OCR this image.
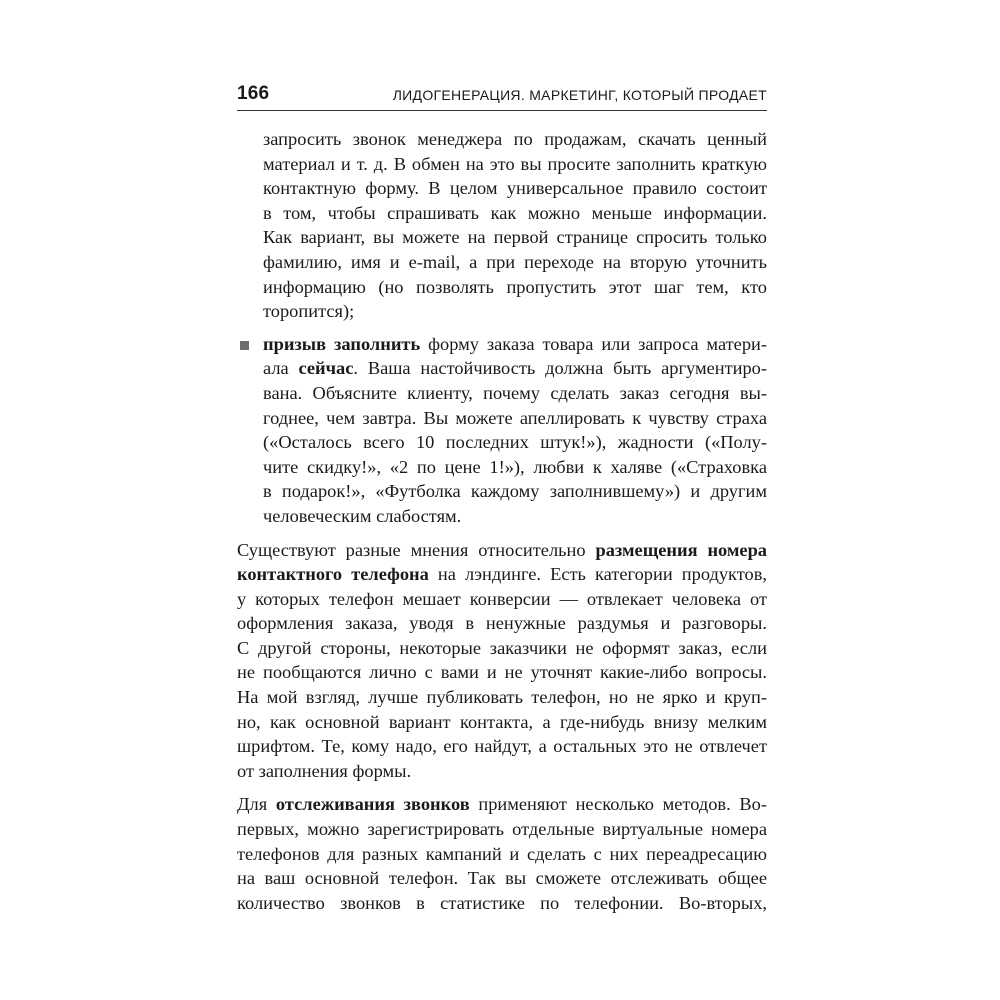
166	ЛИДОГЕНЕРАЦИЯ. МАРКЕТИНГ, КОТОРЫЙ ПРОДАЕТ
запросить звонок менеджера по продажам, скачать ценный
материал и т. д. В обмен на это вы просите заполнить краткую
контактную форму. В целом универсальное правило состоит
в том, чтобы спрашивать как можно меньше информации.
Как вариант, вы можете на первой странице спросить только
фамилию, имя и e-mail, а при переходе на вторую уточнить
информацию (но позволять пропустить этот шаг тем, кто
торопится);
призыв заполнить форму заказа товара или запроса матери-
ала сейчас. Ваша настойчивость должна быть аргументиро-
вана. Объясните клиенту, почему сделать заказ сегодня вы-
годнее, чем завтра. Вы можете апеллировать к чувству страха
(«Осталось всего 10 последних штук!»), жадности («Полу-
чите скидку!», «2 по цене 1!»), любви к халяве («Страховка
в подарок!», «Футболка каждому заполнившему») и другим
человеческим слабостям.
Существуют разные мнения относительно размещения номера
контактного телефона на лэндинге. Есть категории продуктов,
у которых телефон мешает конверсии — отвлекает человека от
оформления заказа, уводя в ненужные раздумья и разговоры.
С другой стороны, некоторые заказчики не оформят заказ, если
не пообщаются лично с вами и не уточнят какие-либо вопросы.
На мой взгляд, лучше публиковать телефон, но не ярко и круп-
но, как основной вариант контакта, а где-нибудь внизу мелким
шрифтом. Те, кому надо, его найдут, а остальных это не отвлечет
от заполнения формы.
Для отслеживания звонков применяют несколько методов. Во-
первых, можно зарегистрировать отдельные виртуальные номера
телефонов для разных кампаний и сделать с них переадресацию
на ваш основной телефон. Так вы сможете отслеживать общее
количество звонков в статистике по телефонии. Во-вторых,
